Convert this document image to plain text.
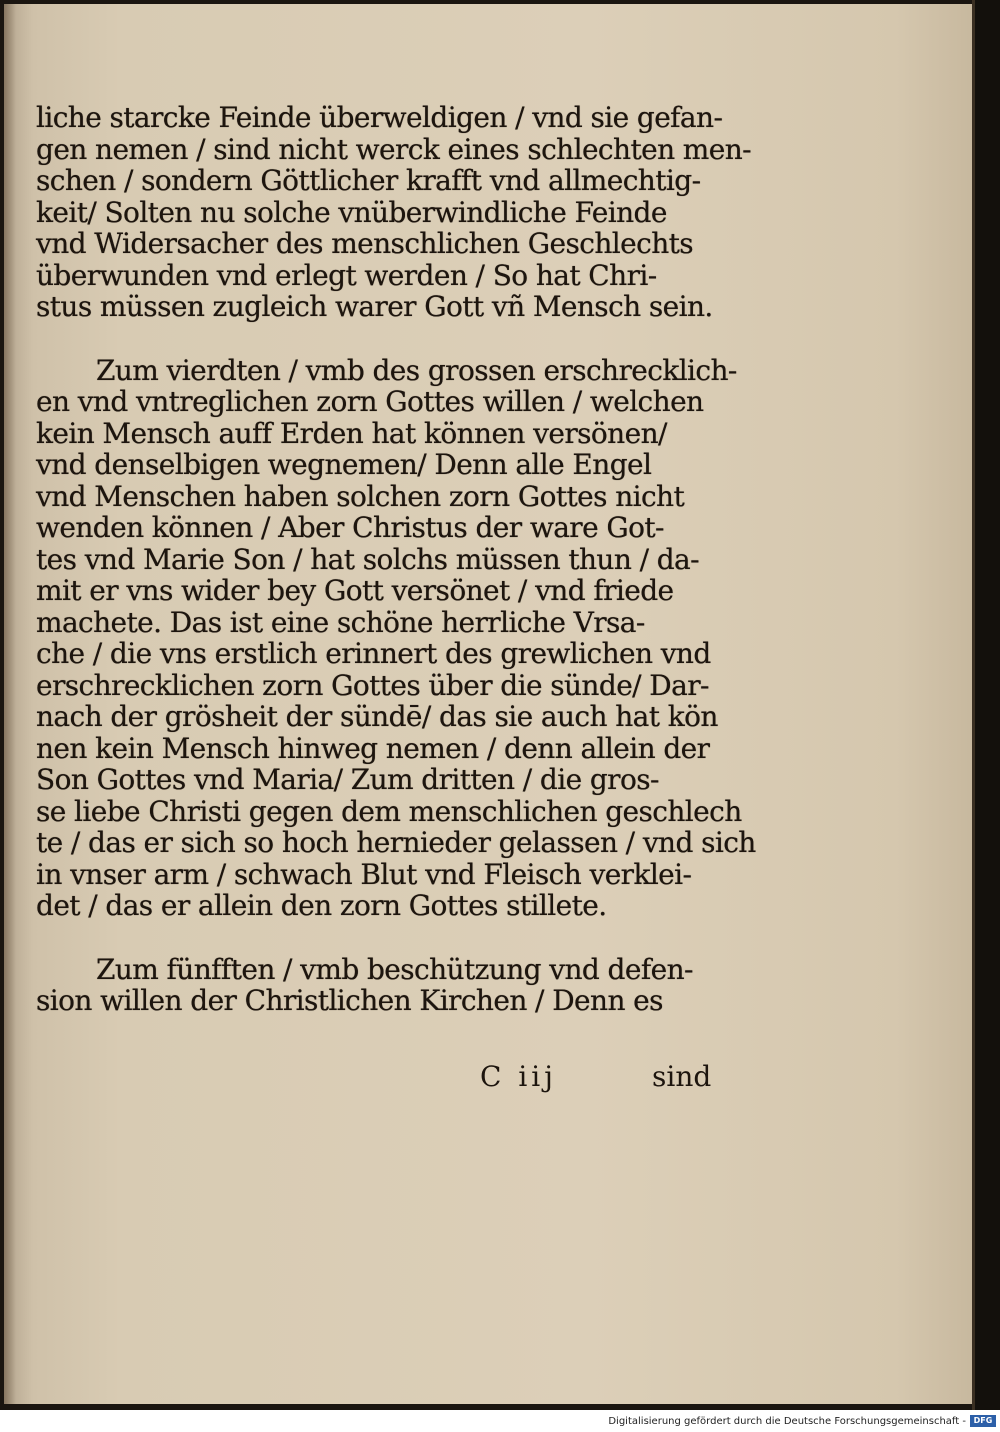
liche starcke Feinde überweldigen / vnd sie gefan-
gen nemen / sind nicht werck eines schlechten men-
schen / sondern Göttlicher krafft vnd allmechtig-
keit/ Solten nu solche vnüberwindliche Feinde
vnd Widersacher des menschlichen Geschlechts
überwunden vnd erlegt werden / So hat Chri-
stus müssen zugleich warer Gott vñ Mensch sein.
Zum vierdten / vmb des grossen erschrecklich-
en vnd vntreglichen zorn Gottes willen / welchen
kein Mensch auff Erden hat können versönen/
vnd denselbigen wegnemen/ Denn alle Engel
vnd Menschen haben solchen zorn Gottes nicht
wenden können / Aber Christus der ware Got-
tes vnd Marie Son / hat solchs müssen thun / da-
mit er vns wider bey Gott versönet / vnd friede
machete. Das ist eine schöne herrliche Vrsa-
che / die vns erstlich erinnert des grewlichen vnd
erschrecklichen zorn Gottes über die sünde/ Dar-
nach der grösheit der sündē/ das sie auch hat kön
nen kein Mensch hinweg nemen / denn allein der
Son Gottes vnd Maria/ Zum dritten / die gros-
se liebe Christi gegen dem menschlichen geschlech
te / das er sich so hoch hernieder gelassen / vnd sich
in vnser arm / schwach Blut vnd Fleisch verklei-
det / das er allein den zorn Gottes stillete.
Zum fünfften / vmb beschützung vnd defen-
sion willen der Christlichen Kirchen / Denn es
C iij	sind
Digitalisierung gefördert durch die Deutsche Forschungsgemeinschaft - DFG
